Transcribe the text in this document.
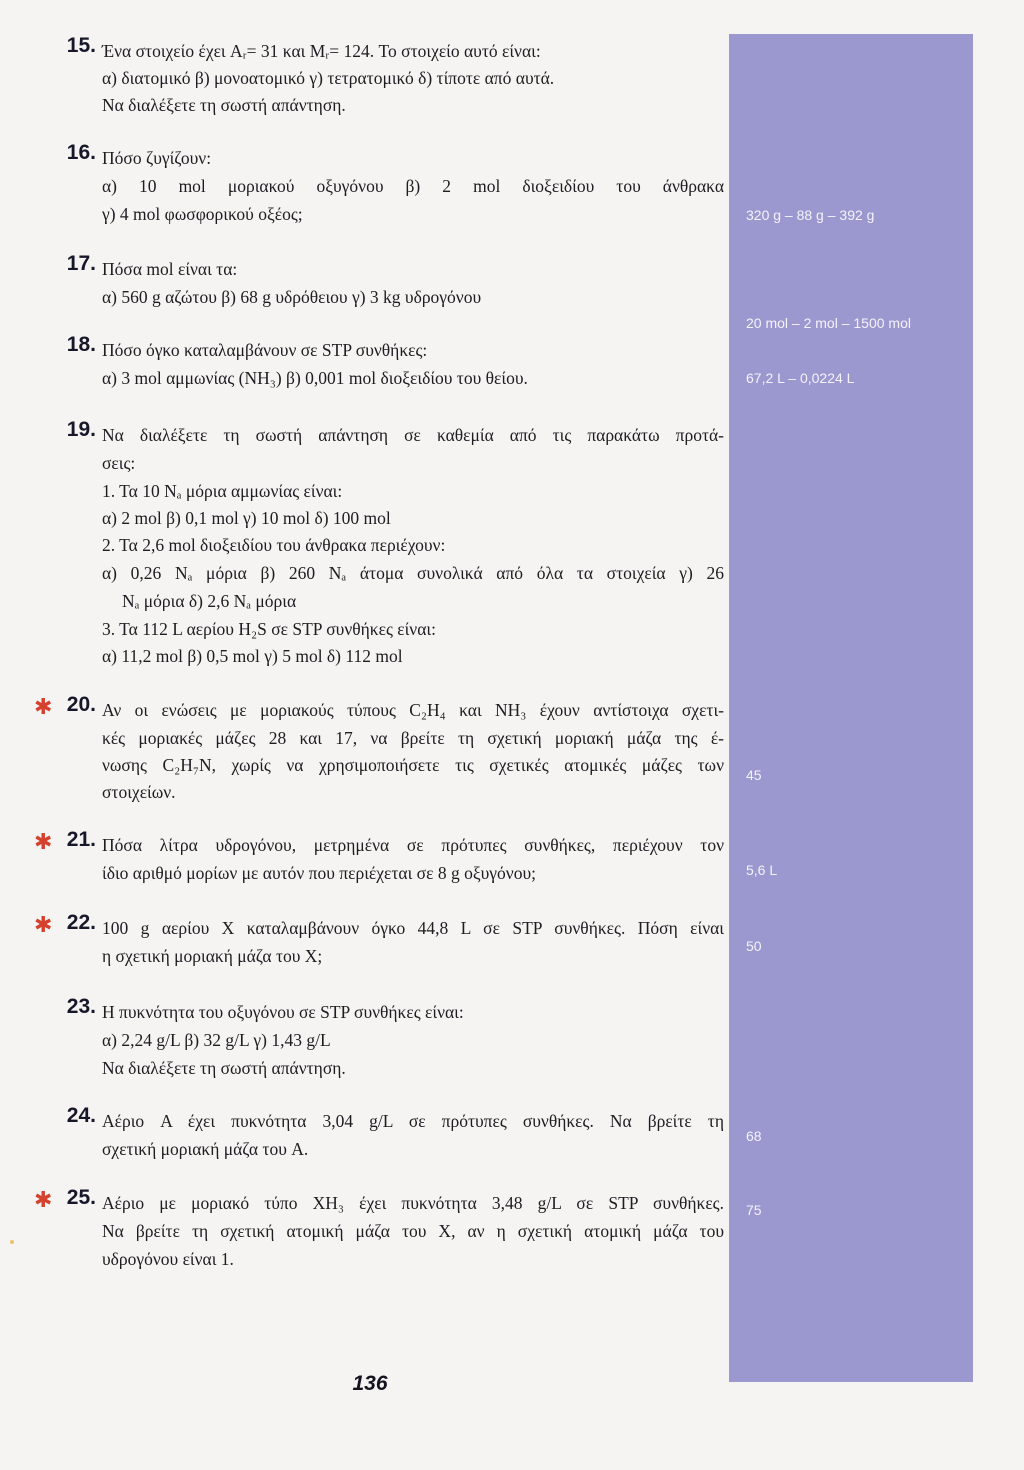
15. Ένα στοιχείο έχει Aᵣ= 31 και Mᵣ= 124. Το στοιχείο αυτό είναι:
α) διατομικό β) μονοατομικό γ) τετρατομικό δ) τίποτε από αυτά.
Να διαλέξετε τη σωστή απάντηση.
16. Πόσο ζυγίζουν:
α) 10 mol μοριακού οξυγόνου β) 2 mol διοξειδίου του άνθρακα
γ) 4 mol φωσφορικού οξέος;
17. Πόσα mol είναι τα:
α) 560 g αζώτου β) 68 g υδρόθειου γ) 3 kg υδρογόνου
18. Πόσο όγκο καταλαμβάνουν σε STP συνθήκες:
α) 3 mol αμμωνίας (NH₃) β) 0,001 mol διοξειδίου του θείου.
19. Να διαλέξετε τη σωστή απάντηση σε καθεμία από τις παρακάτω προτά-
σεις:
1. Τα 10 Nₐ μόρια αμμωνίας είναι:
α) 2 mol β) 0,1 mol γ) 10 mol δ) 100 mol
2. Τα 2,6 mol διοξειδίου του άνθρακα περιέχουν:
α) 0,26 Nₐ μόρια β) 260 Nₐ άτομα συνολικά από όλα τα στοιχεία γ) 26
Nₐ μόρια δ) 2,6 Nₐ μόρια
3. Τα 112 L αερίου H₂S σε STP συνθήκες είναι:
α) 11,2 mol β) 0,5 mol γ) 5 mol δ) 112 mol
✱ 20. Αν οι ενώσεις με μοριακούς τύπους C₂H₄ και NH₃ έχουν αντίστοιχα σχετι-
κές μοριακές μάζες 28 και 17, να βρείτε τη σχετική μοριακή μάζα της έ-
νωσης C₂H₇N, χωρίς να χρησιμοποιήσετε τις σχετικές ατομικές μάζες των
στοιχείων.
✱ 21. Πόσα λίτρα υδρογόνου, μετρημένα σε πρότυπες συνθήκες, περιέχουν τον
ίδιο αριθμό μορίων με αυτόν που περιέχεται σε 8 g οξυγόνου;
✱ 22. 100 g αερίου X καταλαμβάνουν όγκο 44,8 L σε STP συνθήκες. Πόση είναι
η σχετική μοριακή μάζα του X;
23. Η πυκνότητα του οξυγόνου σε STP συνθήκες είναι:
α) 2,24 g/L β) 32 g/L γ) 1,43 g/L
Να διαλέξετε τη σωστή απάντηση.
24. Αέριο A έχει πυκνότητα 3,04 g/L σε πρότυπες συνθήκες. Να βρείτε τη
σχετική μοριακή μάζα του A.
✱ 25. Αέριο με μοριακό τύπο XH₃ έχει πυκνότητα 3,48 g/L σε STP συνθήκες.
Να βρείτε τη σχετική ατομική μάζα του X, αν η σχετική ατομική μάζα του
υδρογόνου είναι 1.
320 g – 88 g – 392 g
20 mol – 2 mol – 1500 mol
67,2 L – 0,0224 L
45
5,6 L
50
68
75
136
